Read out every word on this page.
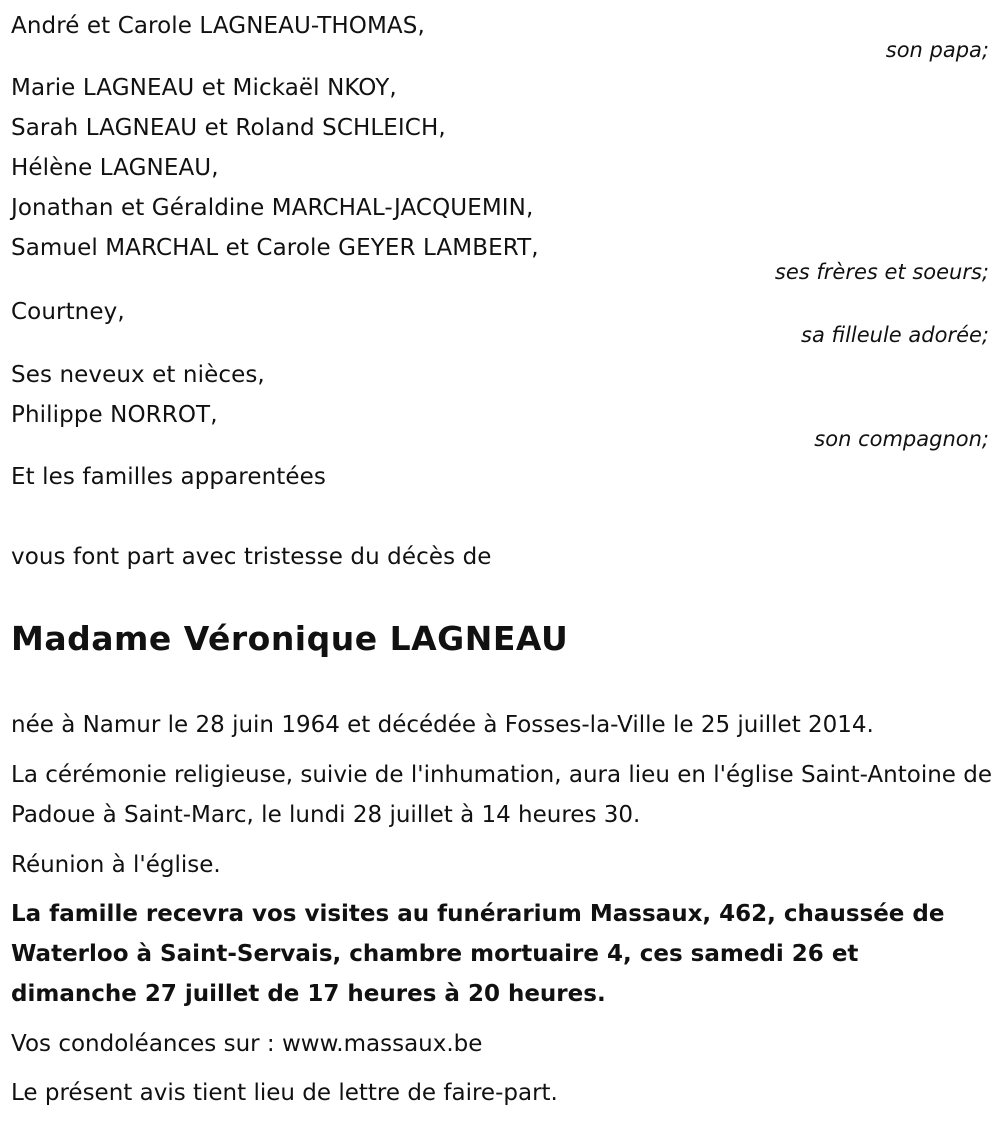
André et Carole LAGNEAU-THOMAS,
son papa;
Marie LAGNEAU et Mickaël NKOY,
Sarah LAGNEAU et Roland SCHLEICH,
Hélène LAGNEAU,
Jonathan et Géraldine MARCHAL-JACQUEMIN,
Samuel MARCHAL et Carole GEYER LAMBERT,
ses frères et soeurs;
Courtney,
sa filleule adorée;
Ses neveux et nièces,
Philippe NORROT,
son compagnon;
Et les familles apparentées
vous font part avec tristesse du décès de
Madame Véronique LAGNEAU
née à Namur le 28 juin 1964 et décédée à Fosses-la-Ville le 25 juillet 2014.
La cérémonie religieuse, suivie de l'inhumation, aura lieu en l'église Saint-Antoine de Padoue à Saint-Marc, le lundi 28 juillet à 14 heures 30.
Réunion à l'église.
La famille recevra vos visites au funérarium Massaux, 462, chaussée de Waterloo à Saint-Servais, chambre mortuaire 4, ces samedi 26 et dimanche 27 juillet de 17 heures à 20 heures.
Vos condoléances sur : www.massaux.be
Le présent avis tient lieu de lettre de faire-part.
